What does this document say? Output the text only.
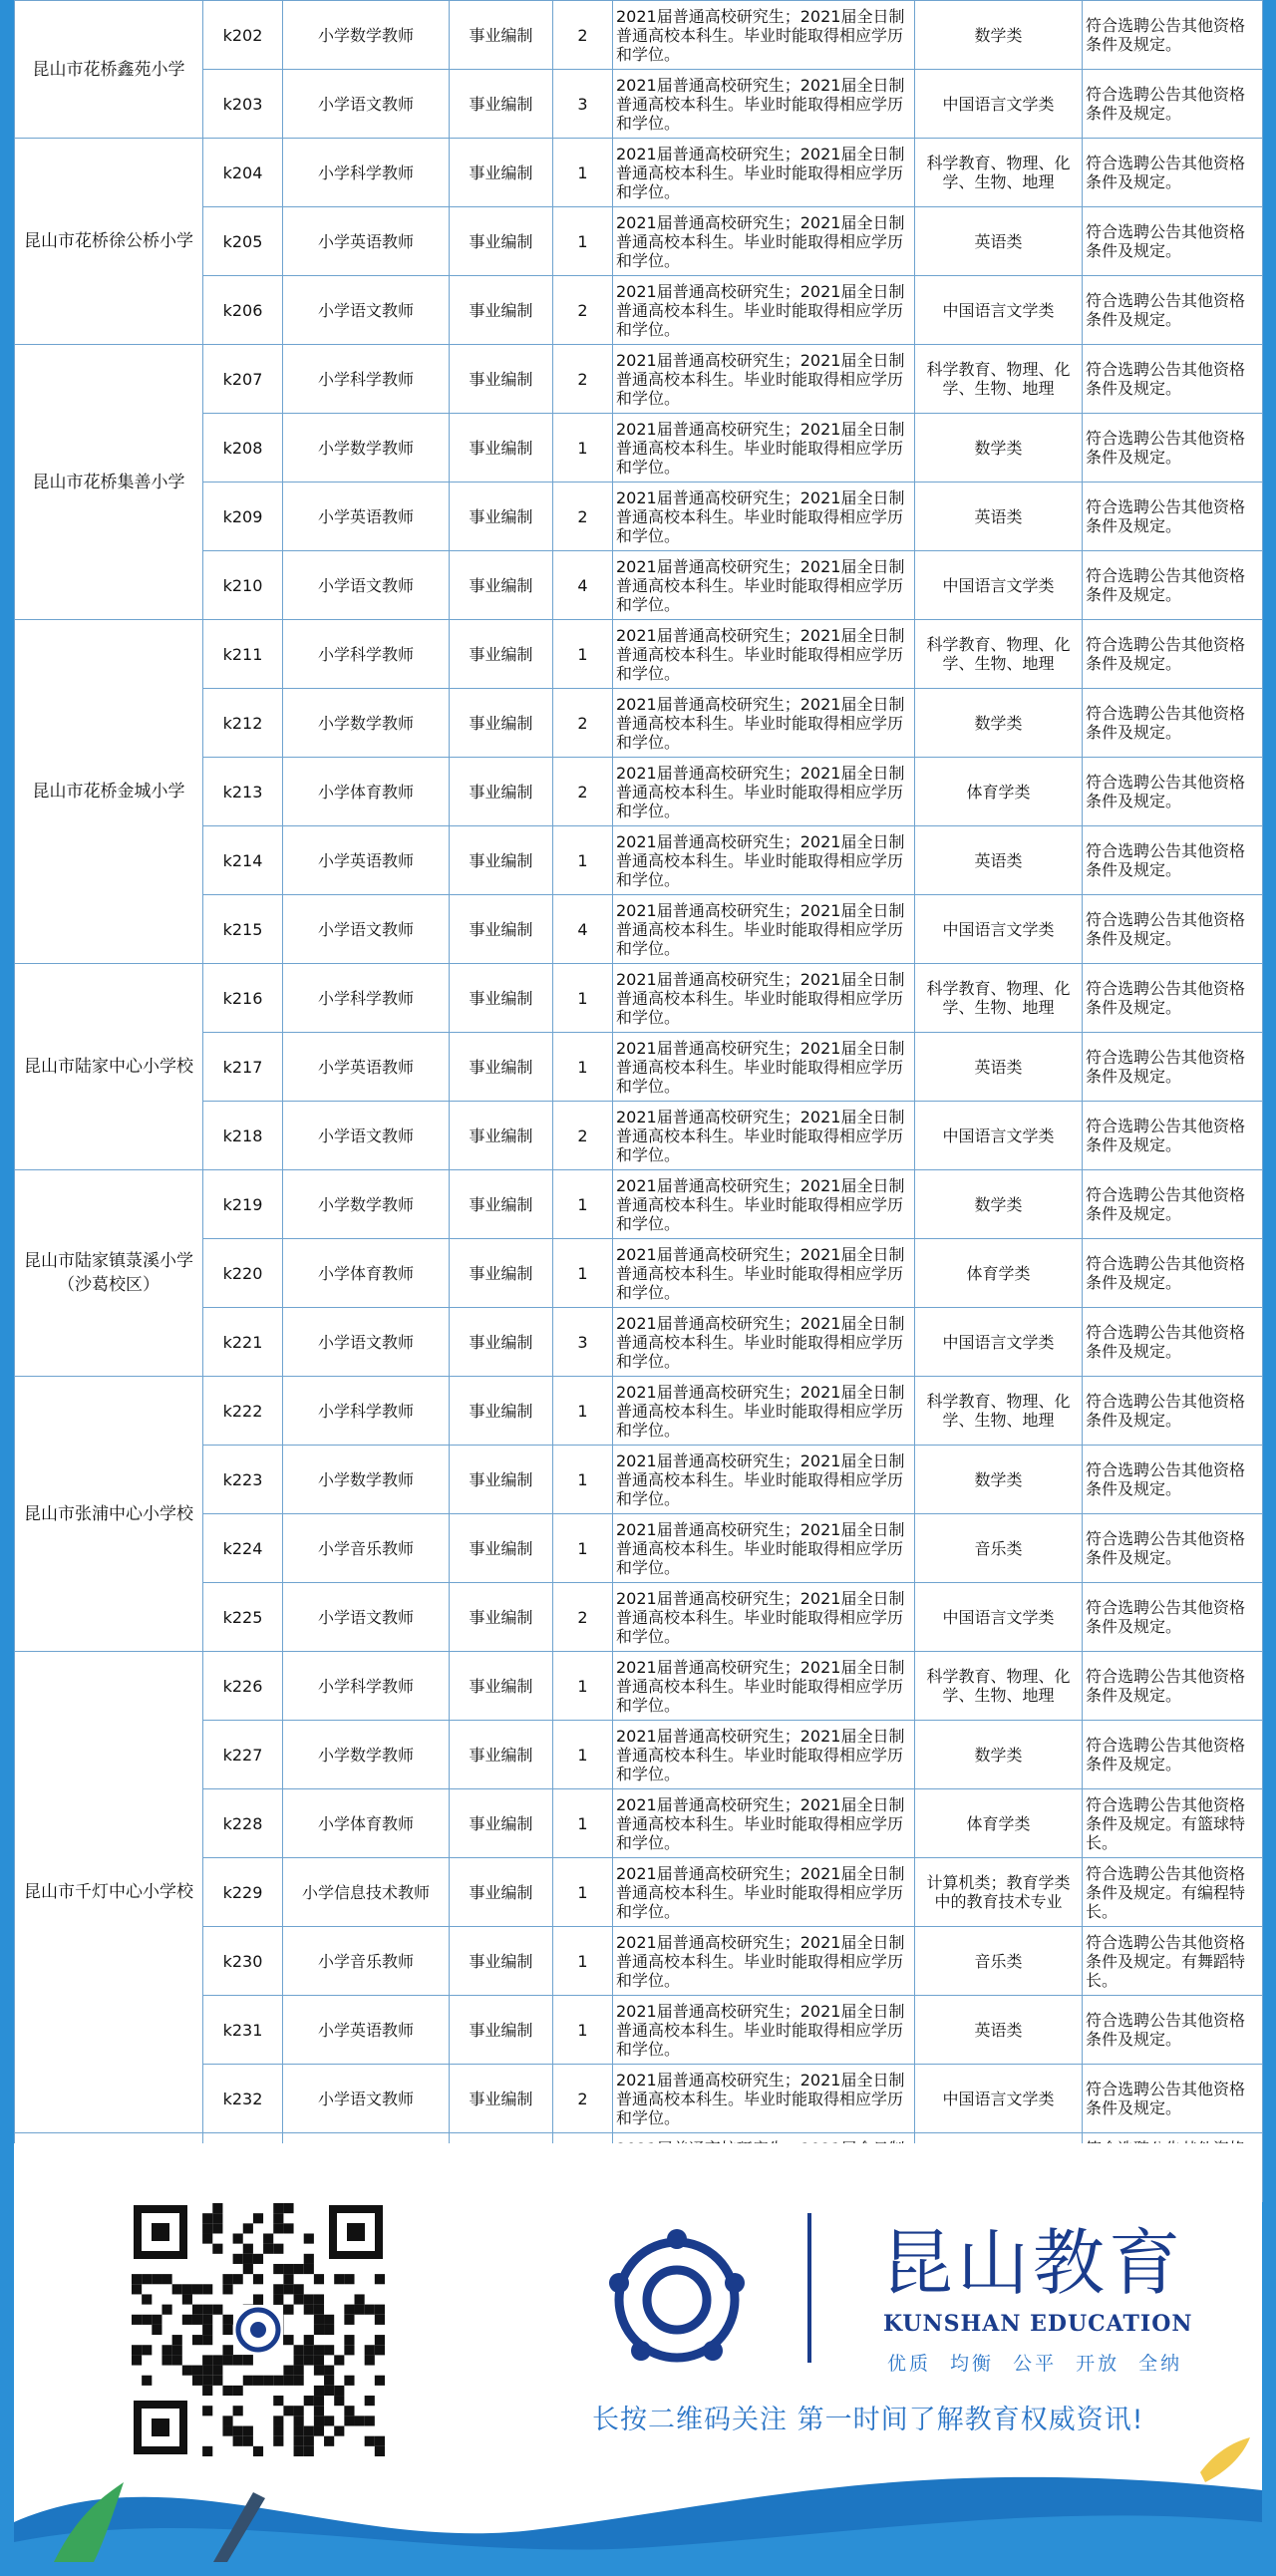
昆山市花桥鑫苑小学	k202	小学数学教师	事业编制	2	2021届普通高校研究生；2021届全日制普通高校本科生。毕业时能取得相应学历和学位。	数学类	符合选聘公告其他资格条件及规定。
	k203	小学语文教师	事业编制	3	2021届普通高校研究生；2021届全日制普通高校本科生。毕业时能取得相应学历和学位。	中国语言文学类	符合选聘公告其他资格条件及规定。
昆山市花桥徐公桥小学	k204	小学科学教师	事业编制	1	2021届普通高校研究生；2021届全日制普通高校本科生。毕业时能取得相应学历和学位。	科学教育、物理、化学、生物、地理	符合选聘公告其他资格条件及规定。
	k205	小学英语教师	事业编制	1	2021届普通高校研究生；2021届全日制普通高校本科生。毕业时能取得相应学历和学位。	英语类	符合选聘公告其他资格条件及规定。
	k206	小学语文教师	事业编制	2	2021届普通高校研究生；2021届全日制普通高校本科生。毕业时能取得相应学历和学位。	中国语言文学类	符合选聘公告其他资格条件及规定。
昆山市花桥集善小学	k207	小学科学教师	事业编制	2	2021届普通高校研究生；2021届全日制普通高校本科生。毕业时能取得相应学历和学位。	科学教育、物理、化学、生物、地理	符合选聘公告其他资格条件及规定。
	k208	小学数学教师	事业编制	1	2021届普通高校研究生；2021届全日制普通高校本科生。毕业时能取得相应学历和学位。	数学类	符合选聘公告其他资格条件及规定。
	k209	小学英语教师	事业编制	2	2021届普通高校研究生；2021届全日制普通高校本科生。毕业时能取得相应学历和学位。	英语类	符合选聘公告其他资格条件及规定。
	k210	小学语文教师	事业编制	4	2021届普通高校研究生；2021届全日制普通高校本科生。毕业时能取得相应学历和学位。	中国语言文学类	符合选聘公告其他资格条件及规定。
昆山市花桥金城小学	k211	小学科学教师	事业编制	1	2021届普通高校研究生；2021届全日制普通高校本科生。毕业时能取得相应学历和学位。	科学教育、物理、化学、生物、地理	符合选聘公告其他资格条件及规定。
	k212	小学数学教师	事业编制	2	2021届普通高校研究生；2021届全日制普通高校本科生。毕业时能取得相应学历和学位。	数学类	符合选聘公告其他资格条件及规定。
	k213	小学体育教师	事业编制	2	2021届普通高校研究生；2021届全日制普通高校本科生。毕业时能取得相应学历和学位。	体育学类	符合选聘公告其他资格条件及规定。
	k214	小学英语教师	事业编制	1	2021届普通高校研究生；2021届全日制普通高校本科生。毕业时能取得相应学历和学位。	英语类	符合选聘公告其他资格条件及规定。
	k215	小学语文教师	事业编制	4	2021届普通高校研究生；2021届全日制普通高校本科生。毕业时能取得相应学历和学位。	中国语言文学类	符合选聘公告其他资格条件及规定。
昆山市陆家中心小学校	k216	小学科学教师	事业编制	1	2021届普通高校研究生；2021届全日制普通高校本科生。毕业时能取得相应学历和学位。	科学教育、物理、化学、生物、地理	符合选聘公告其他资格条件及规定。
	k217	小学英语教师	事业编制	1	2021届普通高校研究生；2021届全日制普通高校本科生。毕业时能取得相应学历和学位。	英语类	符合选聘公告其他资格条件及规定。
	k218	小学语文教师	事业编制	2	2021届普通高校研究生；2021届全日制普通高校本科生。毕业时能取得相应学历和学位。	中国语言文学类	符合选聘公告其他资格条件及规定。
昆山市陆家镇菉溪小学（沙葛校区）	k219	小学数学教师	事业编制	1	2021届普通高校研究生；2021届全日制普通高校本科生。毕业时能取得相应学历和学位。	数学类	符合选聘公告其他资格条件及规定。
	k220	小学体育教师	事业编制	1	2021届普通高校研究生；2021届全日制普通高校本科生。毕业时能取得相应学历和学位。	体育学类	符合选聘公告其他资格条件及规定。
	k221	小学语文教师	事业编制	3	2021届普通高校研究生；2021届全日制普通高校本科生。毕业时能取得相应学历和学位。	中国语言文学类	符合选聘公告其他资格条件及规定。
昆山市张浦中心小学校	k222	小学科学教师	事业编制	1	2021届普通高校研究生；2021届全日制普通高校本科生。毕业时能取得相应学历和学位。	科学教育、物理、化学、生物、地理	符合选聘公告其他资格条件及规定。
	k223	小学数学教师	事业编制	1	2021届普通高校研究生；2021届全日制普通高校本科生。毕业时能取得相应学历和学位。	数学类	符合选聘公告其他资格条件及规定。
	k224	小学音乐教师	事业编制	1	2021届普通高校研究生；2021届全日制普通高校本科生。毕业时能取得相应学历和学位。	音乐类	符合选聘公告其他资格条件及规定。
	k225	小学语文教师	事业编制	2	2021届普通高校研究生；2021届全日制普通高校本科生。毕业时能取得相应学历和学位。	中国语言文学类	符合选聘公告其他资格条件及规定。
昆山市千灯中心小学校	k226	小学科学教师	事业编制	1	2021届普通高校研究生；2021届全日制普通高校本科生。毕业时能取得相应学历和学位。	科学教育、物理、化学、生物、地理	符合选聘公告其他资格条件及规定。
	k227	小学数学教师	事业编制	1	2021届普通高校研究生；2021届全日制普通高校本科生。毕业时能取得相应学历和学位。	数学类	符合选聘公告其他资格条件及规定。
	k228	小学体育教师	事业编制	1	2021届普通高校研究生；2021届全日制普通高校本科生。毕业时能取得相应学历和学位。	体育学类	符合选聘公告其他资格条件及规定。有篮球特长。
	k229	小学信息技术教师	事业编制	1	2021届普通高校研究生；2021届全日制普通高校本科生。毕业时能取得相应学历和学位。	计算机类；教育学类中的教育技术专业	符合选聘公告其他资格条件及规定。有编程特长。
	k230	小学音乐教师	事业编制	1	2021届普通高校研究生；2021届全日制普通高校本科生。毕业时能取得相应学历和学位。	音乐类	符合选聘公告其他资格条件及规定。有舞蹈特长。
	k231	小学英语教师	事业编制	1	2021届普通高校研究生；2021届全日制普通高校本科生。毕业时能取得相应学历和学位。	英语类	符合选聘公告其他资格条件及规定。
	k232	小学语文教师	事业编制	2	2021届普通高校研究生；2021届全日制普通高校本科生。毕业时能取得相应学历和学位。	中国语言文学类	符合选聘公告其他资格条件及规定。

昆山教育
KUNSHAN EDUCATION
优质 均衡 公平 开放 全纳
长按二维码关注 第一时间了解教育权威资讯!
